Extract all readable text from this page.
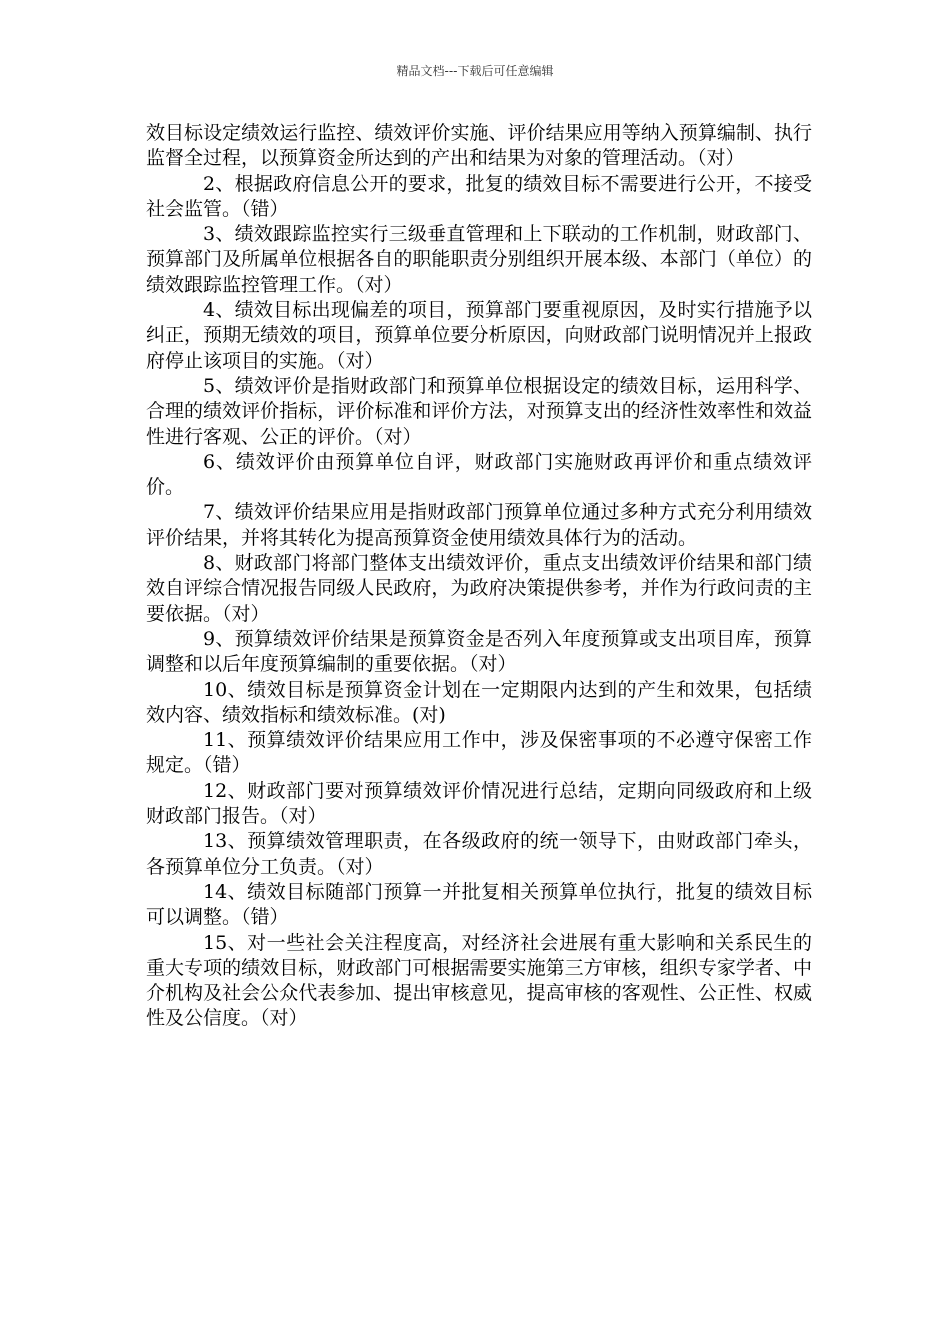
精品文档---下载后可任意编辑

效目标设定绩效运行监控、绩效评价实施、评价结果应用等纳入预算编制、执行监督全过程，以预算资金所达到的产出和结果为对象的管理活动。（对）

2、根据政府信息公开的要求，批复的绩效目标不需要进行公开，不接受社会监管。（错）

3、绩效跟踪监控实行三级垂直管理和上下联动的工作机制，财政部门、预算部门及所属单位根据各自的职能职责分别组织开展本级、本部门（单位）的绩效跟踪监控管理工作。（对）

4、绩效目标出现偏差的项目，预算部门要重视原因，及时实行措施予以纠正，预期无绩效的项目，预算单位要分析原因，向财政部门说明情况并上报政府停止该项目的实施。（对）

5、绩效评价是指财政部门和预算单位根据设定的绩效目标，运用科学、合理的绩效评价指标，评价标准和评价方法，对预算支出的经济性效率性和效益性进行客观、公正的评价。（对）

6、绩效评价由预算单位自评，财政部门实施财政再评价和重点绩效评价。

7、绩效评价结果应用是指财政部门预算单位通过多种方式充分利用绩效评价结果，并将其转化为提高预算资金使用绩效具体行为的活动。

8、财政部门将部门整体支出绩效评价，重点支出绩效评价结果和部门绩效自评综合情况报告同级人民政府，为政府决策提供参考，并作为行政问责的主要依据。（对）

9、预算绩效评价结果是预算资金是否列入年度预算或支出项目库，预算调整和以后年度预算编制的重要依据。（对）

10、绩效目标是预算资金计划在一定期限内达到的产生和效果，包括绩效内容、绩效指标和绩效标准。(对)

11、预算绩效评价结果应用工作中，涉及保密事项的不必遵守保密工作规定。（错）

12、财政部门要对预算绩效评价情况进行总结，定期向同级政府和上级财政部门报告。（对）

13、预算绩效管理职责，在各级政府的统一领导下，由财政部门牵头，各预算单位分工负责。（对）

14、绩效目标随部门预算一并批复相关预算单位执行，批复的绩效目标可以调整。（错）

15、对一些社会关注程度高，对经济社会进展有重大影响和关系民生的重大专项的绩效目标，财政部门可根据需要实施第三方审核，组织专家学者、中介机构及社会公众代表参加、提出审核意见，提高审核的客观性、公正性、权威性及公信度。（对）
